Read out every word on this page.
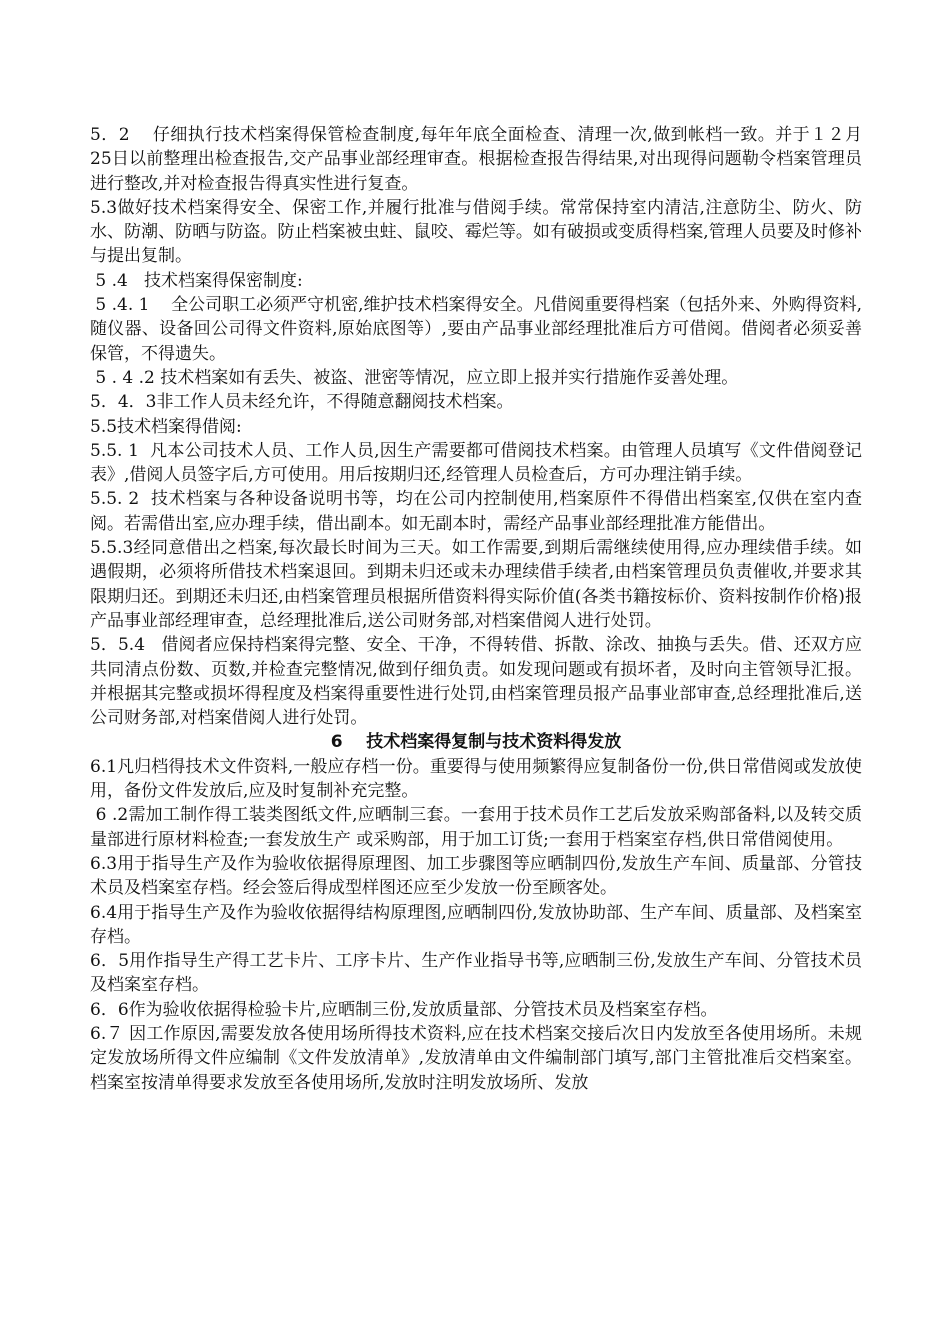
5．2    仔细执行技术档案得保管检查制度,每年年底全面检查、清理一次,做到帐档一致。并于１２月25日以前整理出检查报告,交产品事业部经理审查。根据检查报告得结果,对出现得问题勒令档案管理员进行整改,并对检查报告得真实性进行复查。

5.3做好技术档案得安全、保密工作,并履行批准与借阅手续。常常保持室内清洁,注意防尘、防火、防水、防潮、防晒与防盗。防止档案被虫蛀、鼠咬、霉烂等。如有破损或变质得档案,管理人员要及时修补与提出复制。

5 .4   技术档案得保密制度:

5 .4. 1    全公司职工必须严守机密,维护技术档案得安全。凡借阅重要得档案（包括外来、外购得资料,随仪器、设备回公司得文件资料,原始底图等）,要由产品事业部经理批准后方可借阅。借阅者必须妥善保管，不得遗失。

5 . 4 .2 技术档案如有丢失、被盗、泄密等情况，应立即上报并实行措施作妥善处理。

5．4．3非工作人员未经允许，不得随意翻阅技术档案。

5.5技术档案得借阅:

5.5. 1  凡本公司技术人员、工作人员,因生产需要都可借阅技术档案。由管理人员填写《文件借阅登记表》,借阅人员签字后,方可使用。用后按期归还,经管理人员检查后，方可办理注销手续。

5.5. 2  技术档案与各种设备说明书等，均在公司内控制使用,档案原件不得借出档案室,仅供在室内查阅。若需借出室,应办理手续，借出副本。如无副本时，需经产品事业部经理批准方能借出。

5.5.3经同意借出之档案,每次最长时间为三天。如工作需要,到期后需继续使用得,应办理续借手续。如遇假期，必须将所借技术档案退回。到期未归还或未办理续借手续者,由档案管理员负责催收,并要求其限期归还。到期还未归还,由档案管理员根据所借资料得实际价值(各类书籍按标价、资料按制作价格)报产品事业部经理审查，总经理批准后,送公司财务部,对档案借阅人进行处罚。

5．5.4   借阅者应保持档案得完整、安全、干净，不得转借、拆散、涂改、抽换与丢失。借、还双方应共同清点份数、页数,并检查完整情况,做到仔细负责。如发现问题或有损坏者，及时向主管领导汇报。并根据其完整或损坏得程度及档案得重要性进行处罚,由档案管理员报产品事业部审查,总经理批准后,送公司财务部,对档案借阅人进行处罚。

6    技术档案得复制与技术资料得发放

6.1凡归档得技术文件资料,一般应存档一份。重要得与使用频繁得应复制备份一份,供日常借阅或发放使用，备份文件发放后,应及时复制补充完整。

6 .2需加工制作得工装类图纸文件,应晒制三套。一套用于技术员作工艺后发放采购部备料,以及转交质量部进行原材料检查;一套发放生产 或采购部，用于加工订货;一套用于档案室存档,供日常借阅使用。

6.3用于指导生产及作为验收依据得原理图、加工步骤图等应晒制四份,发放生产车间、质量部、分管技术员及档案室存档。经会签后得成型样图还应至少发放一份至顾客处。

6.4用于指导生产及作为验收依据得结构原理图,应晒制四份,发放协助部、生产车间、质量部、及档案室存档。

6．5用作指导生产得工艺卡片、工序卡片、生产作业指导书等,应晒制三份,发放生产车间、分管技术员及档案室存档。

6．6作为验收依据得检验卡片,应晒制三份,发放质量部、分管技术员及档案室存档。

6.７ 因工作原因,需要发放各使用场所得技术资料,应在技术档案交接后次日内发放至各使用场所。未规定发放场所得文件应编制《文件发放清单》,发放清单由文件编制部门填写,部门主管批准后交档案室。档案室按清单得要求发放至各使用场所,发放时注明发放场所、发放
